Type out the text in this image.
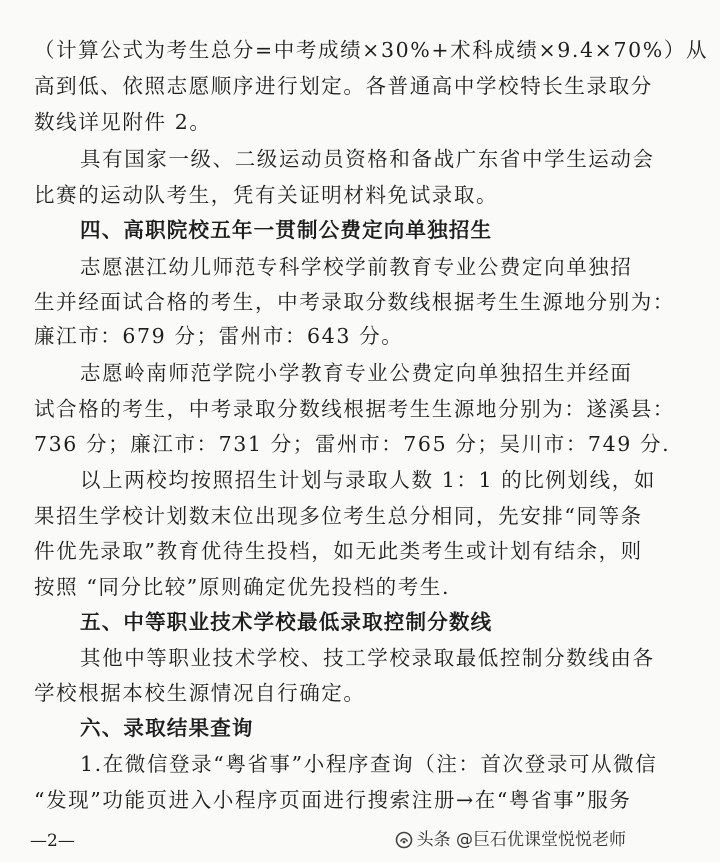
（计算公式为考生总分=中考成绩×30%+术科成绩×9.4×70%）从
高到低、依照志愿顺序进行划定。各普通高中学校特长生录取分
数线详见附件 2。
具有国家一级、二级运动员资格和备战广东省中学生运动会
比赛的运动队考生，凭有关证明材料免试录取。
四、高职院校五年一贯制公费定向单独招生
志愿湛江幼儿师范专科学校学前教育专业公费定向单独招
生并经面试合格的考生，中考录取分数线根据考生生源地分别为：
廉江市：679 分；雷州市：643 分。
志愿岭南师范学院小学教育专业公费定向单独招生并经面
试合格的考生，中考录取分数线根据考生生源地分别为：遂溪县：
736 分；廉江市：731 分；雷州市：765 分；吴川市：749 分.
以上两校均按照招生计划与录取人数 1：1 的比例划线，如
果招生学校计划数末位出现多位考生总分相同，先安排“同等条
件优先录取”教育优待生投档，如无此类考生或计划有结余，则
按照 “同分比较”原则确定优先投档的考生.
五、中等职业技术学校最低录取控制分数线
其他中等职业技术学校、技工学校录取最低控制分数线由各
学校根据本校生源情况自行确定。
六、录取结果查询
1.在微信登录“粤省事”小程序查询（注：首次登录可从微信
“发现”功能页进入小程序页面进行搜索注册→在“粤省事”服务
—2—	头条 @巨石优课堂悦悦老师
